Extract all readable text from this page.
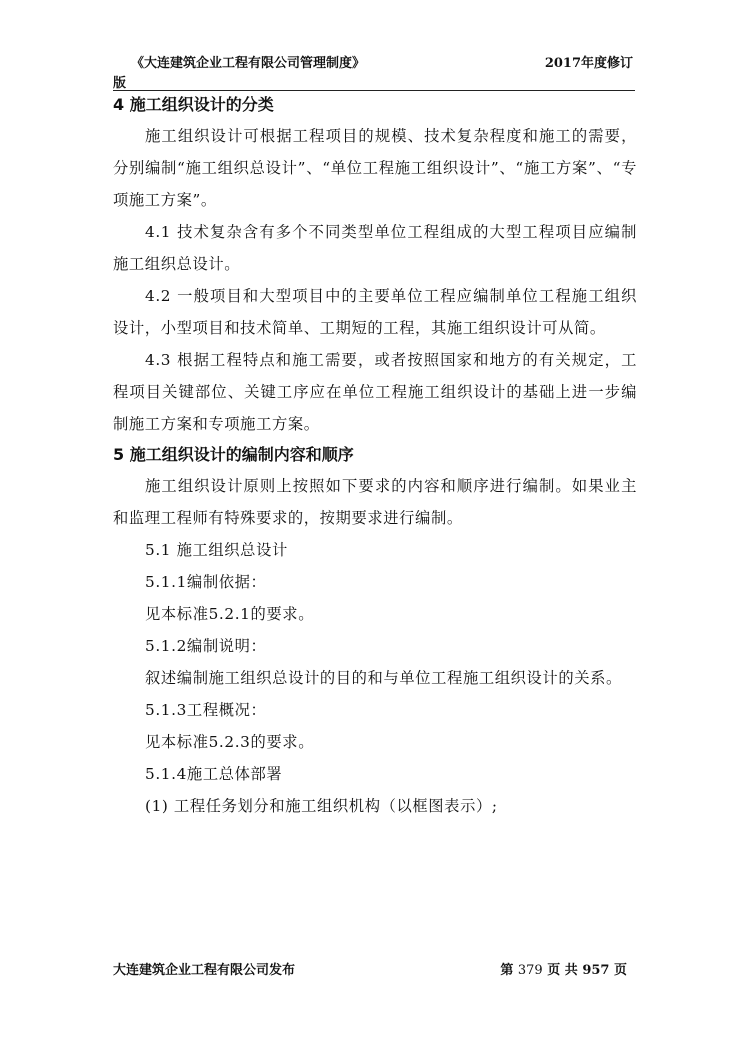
《大连建筑企业工程有限公司管理制度》	2017年度修订
版
4 施工组织设计的分类

施工组织设计可根据工程项目的规模、技术复杂程度和施工的需要，分别编制“施工组织总设计”、“单位工程施工组织设计”、“施工方案”、“专项施工方案”。

4.1 技术复杂含有多个不同类型单位工程组成的大型工程项目应编制施工组织总设计。

4.2 一般项目和大型项目中的主要单位工程应编制单位工程施工组织设计，小型项目和技术简单、工期短的工程，其施工组织设计可从简。

4.3 根据工程特点和施工需要，或者按照国家和地方的有关规定，工程项目关键部位、关键工序应在单位工程施工组织设计的基础上进一步编制施工方案和专项施工方案。

5 施工组织设计的编制内容和顺序

施工组织设计原则上按照如下要求的内容和顺序进行编制。如果业主和监理工程师有特殊要求的，按期要求进行编制。

5.1 施工组织总设计

5.1.1编制依据：

见本标准5.2.1的要求。

5.1.2编制说明：

叙述编制施工组织总设计的目的和与单位工程施工组织设计的关系。

5.1.3工程概况：

见本标准5.2.3的要求。

5.1.4施工总体部署

(1) 工程任务划分和施工组织机构（以框图表示）;

大连建筑企业工程有限公司发布	第 379 页 共 957 页
